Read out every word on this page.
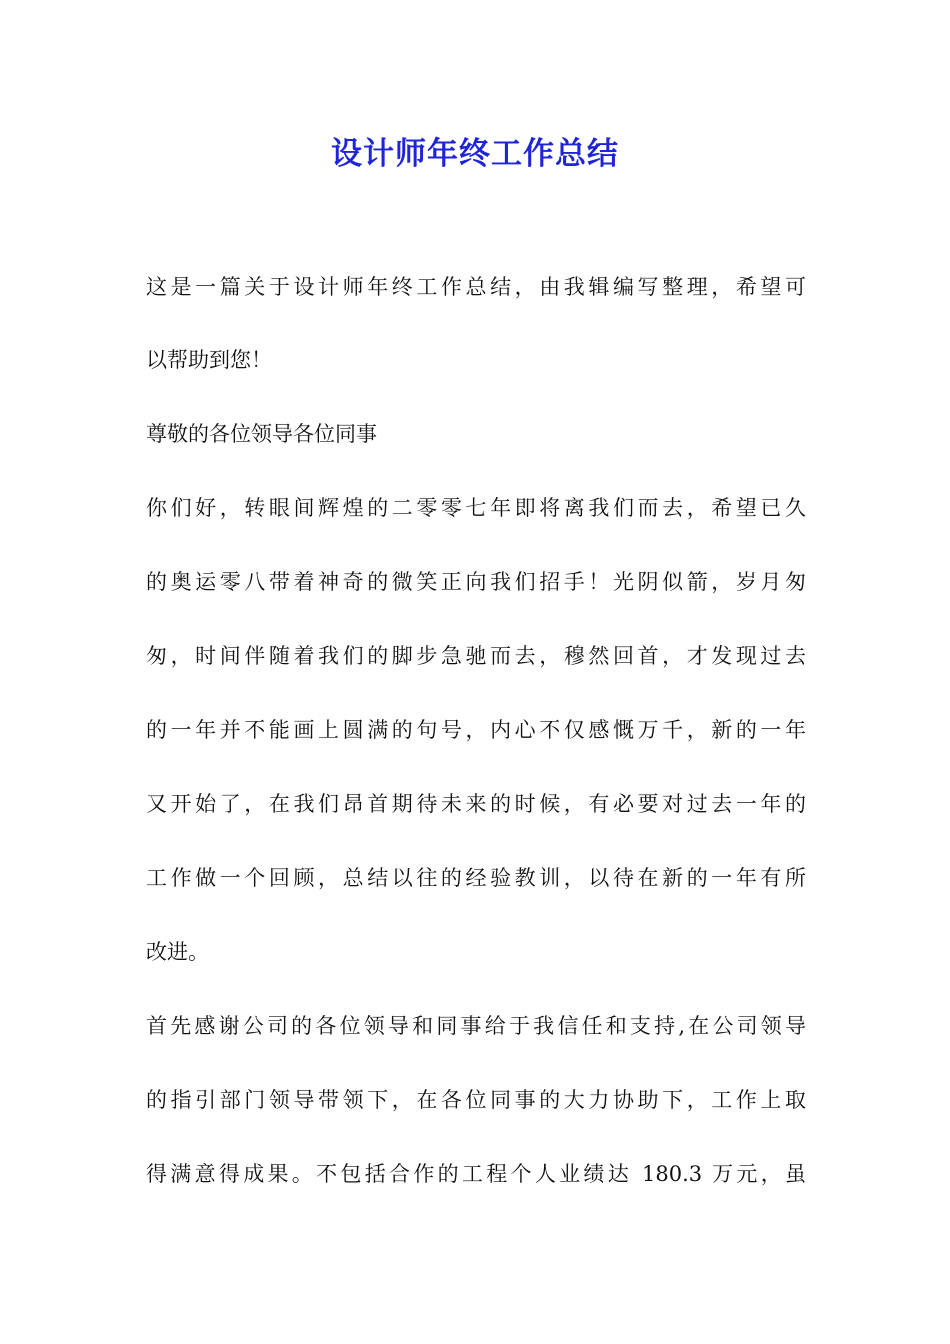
设计师年终工作总结
这是一篇关于设计师年终工作总结，由我辑编写整理，希望可
以帮助到您！
尊敬的各位领导各位同事
你们好，转眼间辉煌的二零零七年即将离我们而去，希望已久
的奥运零八带着神奇的微笑正向我们招手！光阴似箭，岁月匆
匆，时间伴随着我们的脚步急驰而去，穆然回首，才发现过去
的一年并不能画上圆满的句号，内心不仅感慨万千，新的一年
又开始了，在我们昂首期待未来的时候，有必要对过去一年的
工作做一个回顾，总结以往的经验教训，以待在新的一年有所
改进。
首先感谢公司的各位领导和同事给于我信任和支持,在公司领导
的指引部门领导带领下，在各位同事的大力协助下，工作上取
得满意得成果。不包括合作的工程个人业绩达 180.3 万元，虽
